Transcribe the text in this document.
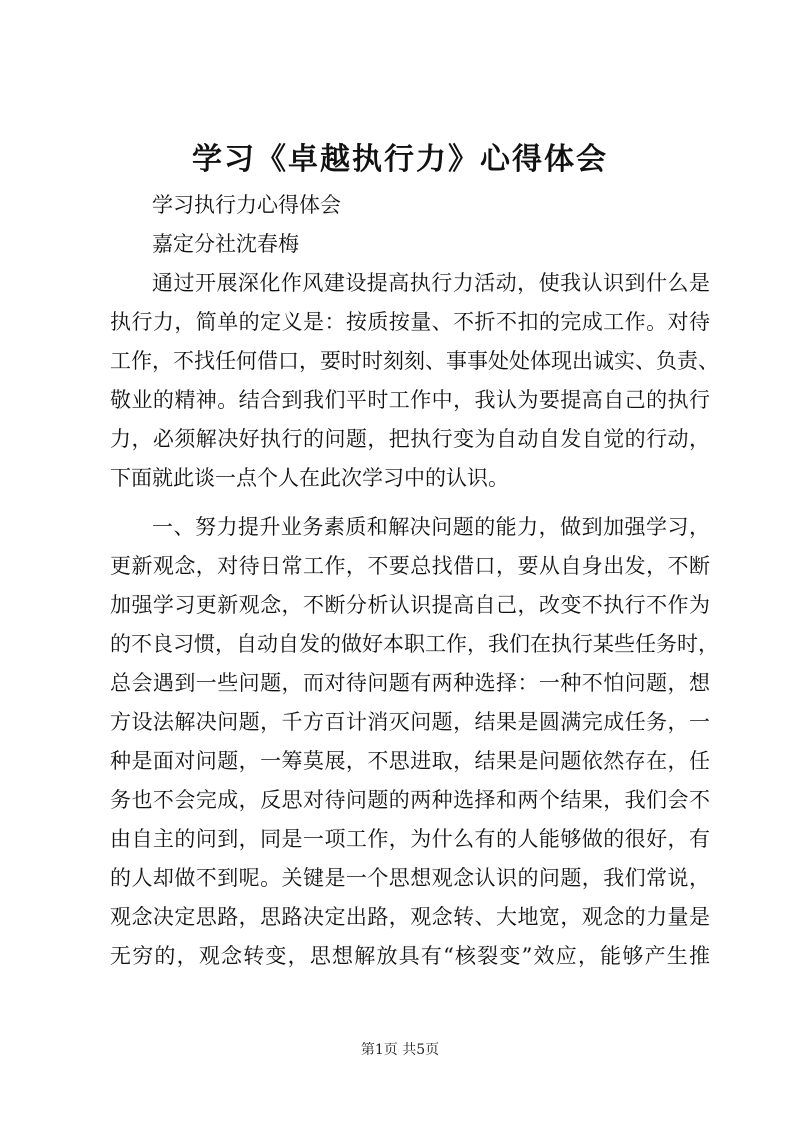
学习《卓越执行力》心得体会
学习执行力心得体会
嘉定分社沈春梅
通过开展深化作风建设提高执行力活动，使我认识到什么是
执行力，简单的定义是：按质按量、不折不扣的完成工作。对待
工作，不找任何借口，要时时刻刻、事事处处体现出诚实、负责、
敬业的精神。结合到我们平时工作中，我认为要提高自己的执行
力，必须解决好执行的问题，把执行变为自动自发自觉的行动，
下面就此谈一点个人在此次学习中的认识。
一、努力提升业务素质和解决问题的能力，做到加强学习，
更新观念，对待日常工作，不要总找借口，要从自身出发，不断
加强学习更新观念，不断分析认识提高自己，改变不执行不作为
的不良习惯，自动自发的做好本职工作，我们在执行某些任务时，
总会遇到一些问题，而对待问题有两种选择：一种不怕问题，想
方设法解决问题，千方百计消灭问题，结果是圆满完成任务，一
种是面对问题，一筹莫展，不思进取，结果是问题依然存在，任
务也不会完成，反思对待问题的两种选择和两个结果，我们会不
由自主的问到，同是一项工作，为什么有的人能够做的很好，有
的人却做不到呢。关键是一个思想观念认识的问题，我们常说，
观念决定思路，思路决定出路，观念转、大地宽，观念的力量是
无穷的，观念转变，思想解放具有“核裂变”效应，能够产生推
第1页 共5页
